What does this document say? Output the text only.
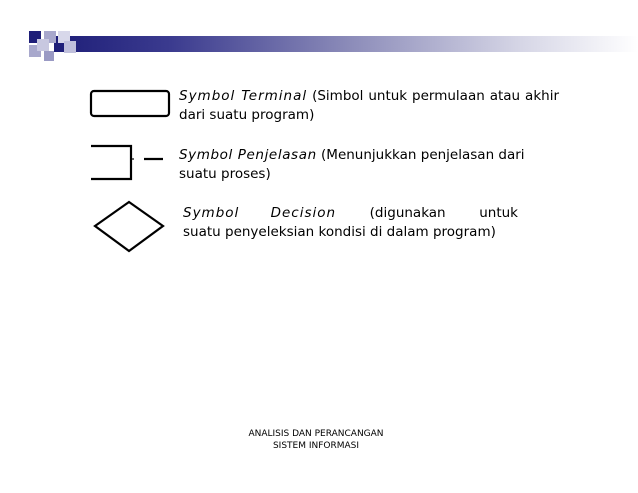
Symbol Terminal (Simbol untuk permulaan atau akhir dari suatu program)
Symbol Penjelasan (Menunjukkan penjelasan dari suatu proses)
Symbol Decision (digunakan untuk
suatu penyeleksian kondisi di dalam program)
ANALISIS DAN PERANCANGAN
SISTEM INFORMASI
